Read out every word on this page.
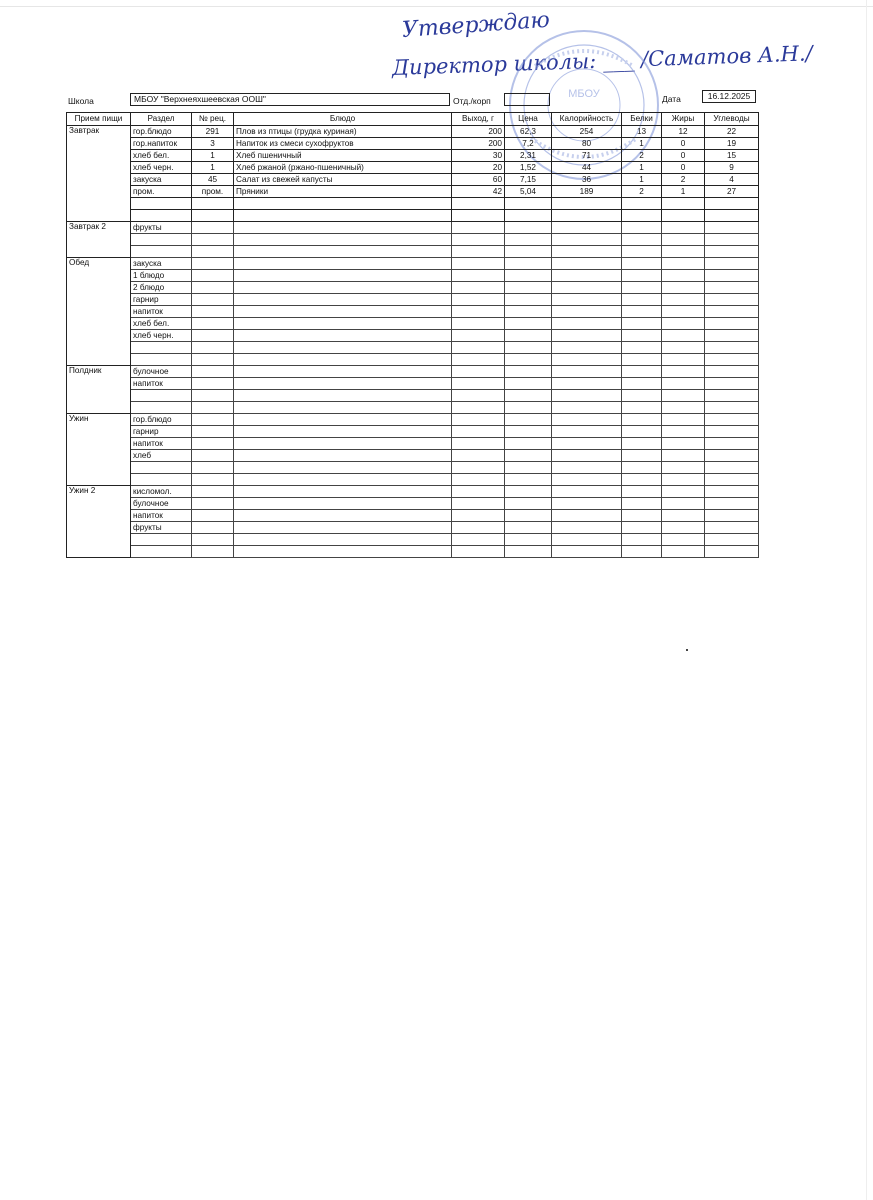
Утверждаю
Директор школы: ___ /Саматов А.Н./
МБОУ
Школа	МБОУ "Верхнеяхшеевская ООШ"	Отд./корп	Дата	16.12.2025
Прием пищи	Раздел	№ рец.	Блюдо	Выход, г	Цена	Калорийность	Белки	Жиры	Углеводы
Завтрак	гор.блюдо	291	Плов из птицы (грудка куриная)	200	62,3	254	13	12	22
	гор.напиток	3	Напиток из смеси сухофруктов	200	7,2	80	1	0	19
	хлеб бел.	1	Хлеб пшеничный	30	2,31	71	2	0	15
	хлеб черн.	1	Хлеб ржаной (ржано-пшеничный)	20	1,52	44	1	0	9
	закуска	45	Салат из свежей капусты	60	7,15	36	1	2	4
	пром.	пром.	Пряники	42	5,04	189	2	1	27

Завтрак 2	фрукты								

Обед	закуска								
	1 блюдо								
	2 блюдо								
	гарнир								
	напиток								
	хлеб бел.								
	хлеб черн.								

Полдник	булочное								
	напиток								

Ужин	гор.блюдо								
	гарнир								
	напиток								
	хлеб								

Ужин 2	кисломол.								
	булочное								
	напиток								
	фрукты								
